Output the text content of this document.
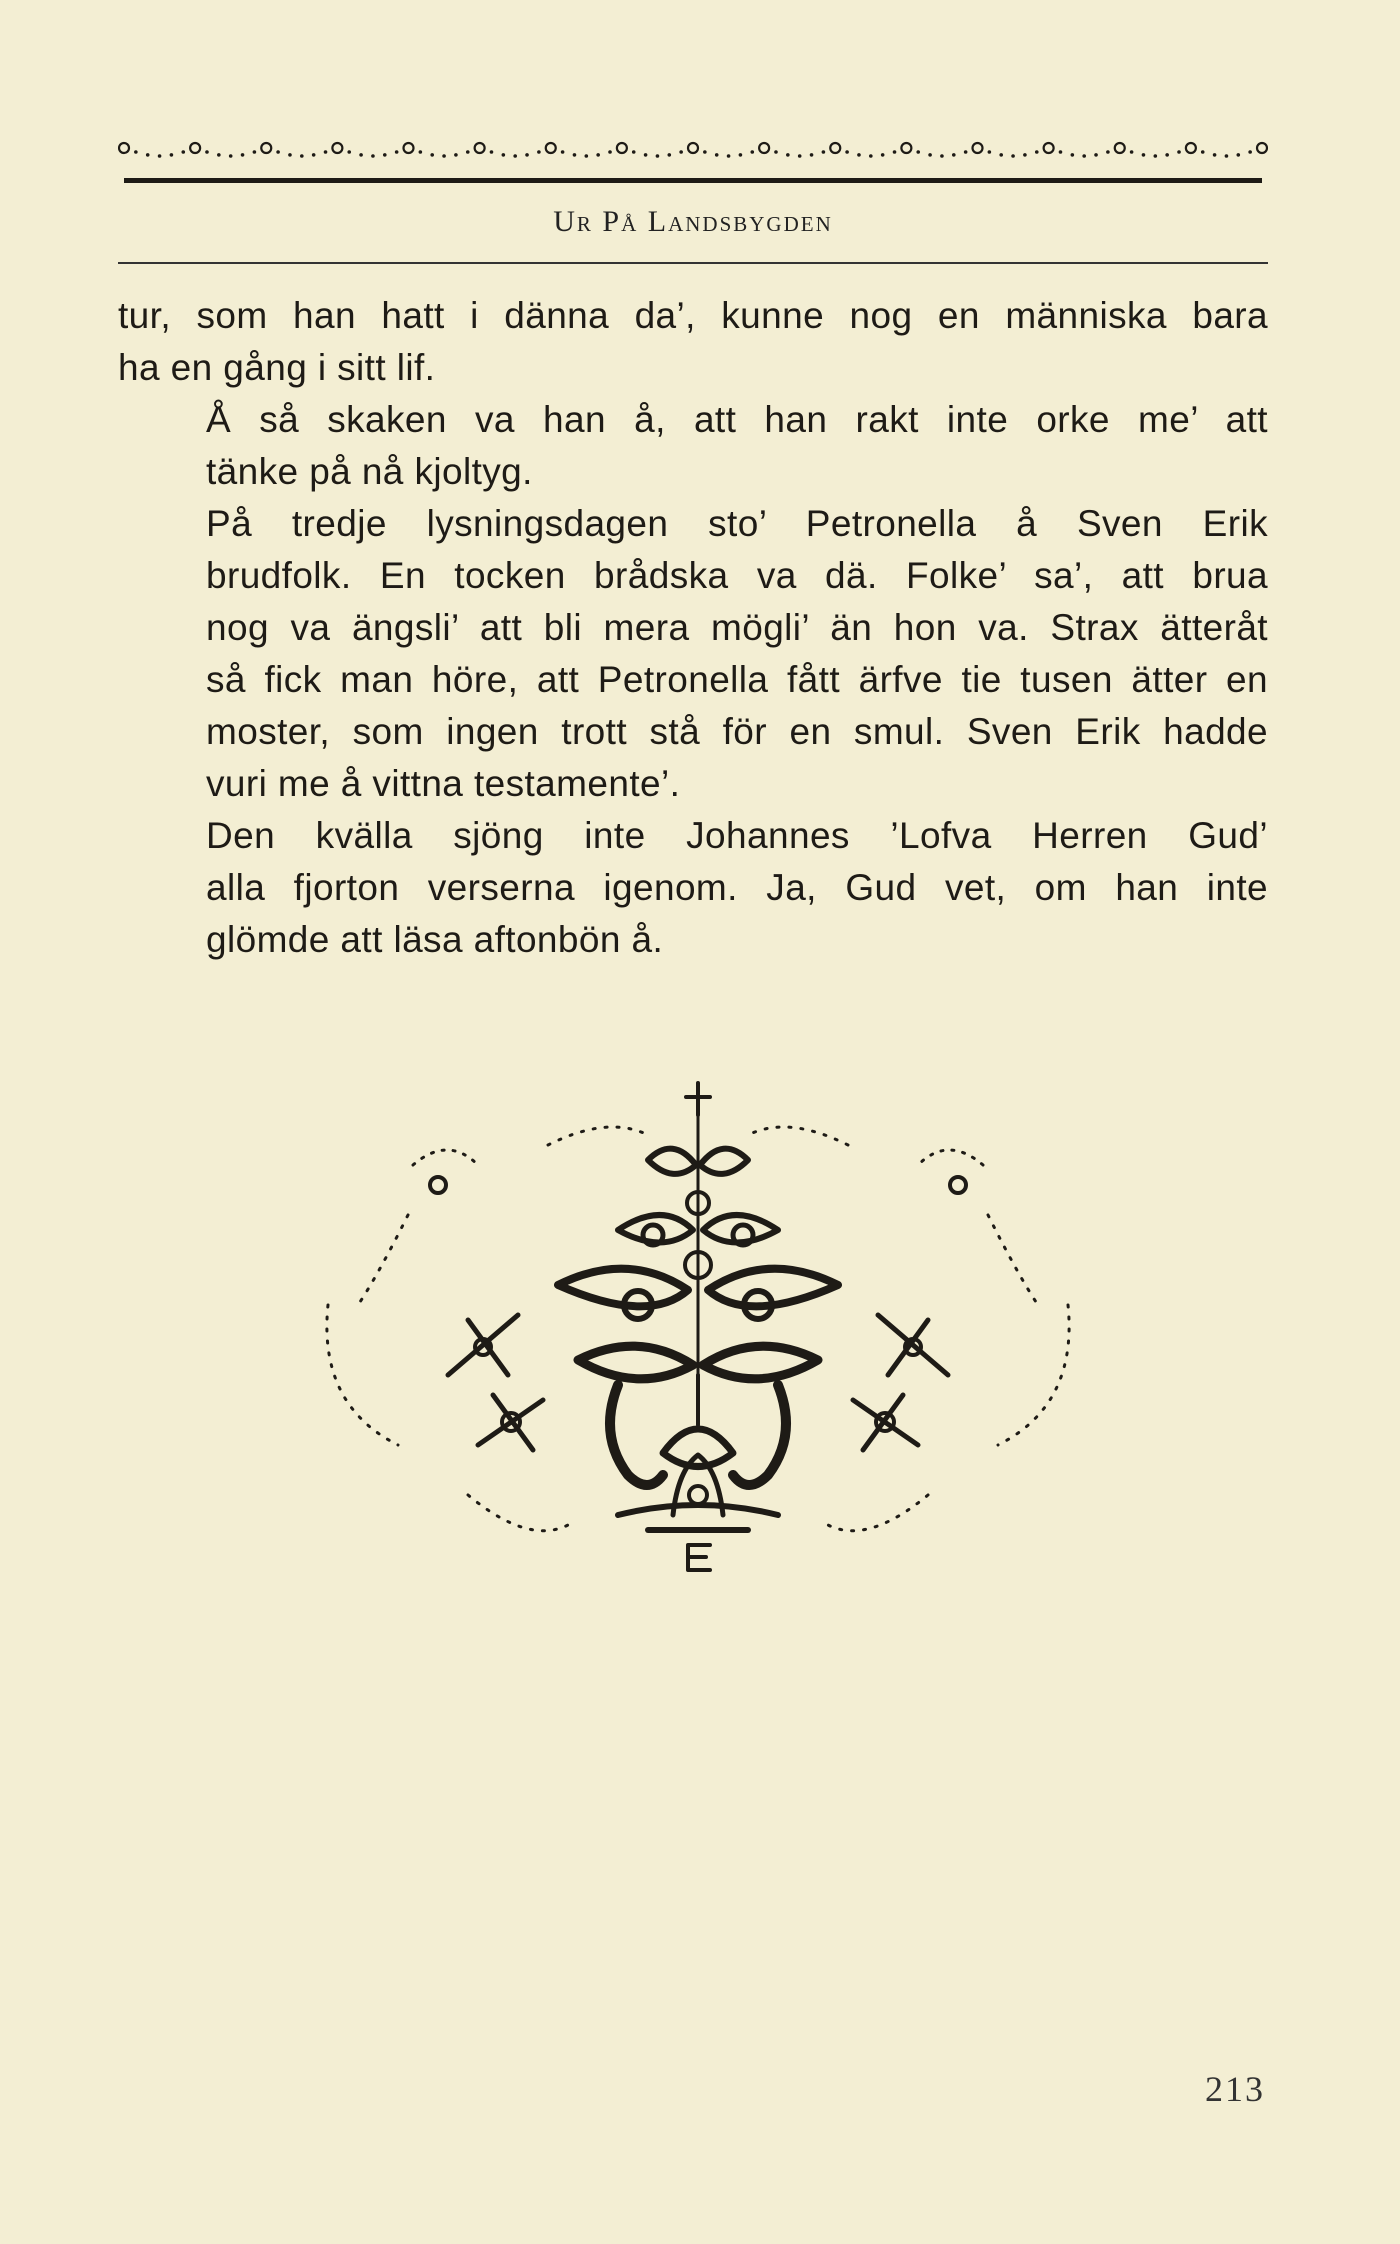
Ur På Landsbygden

tur, som han hatt i dänna da’, kunne nog en människa bara
ha en gång i sitt lif.

Å så skaken va han å, att han rakt inte orke me’ att
tänke på nå kjoltyg.

På tredje lysningsdagen sto’ Petronella å Sven Erik
brudfolk. En tocken brådska va dä. Folke’ sa’, att brua
nog va ängsli’ att bli mera mögli’ än hon va. Strax ätteråt
så fick man höre, att Petronella fått ärfve tie tusen ätter en
moster, som ingen trott stå för en smul. Sven Erik hadde
vuri me å vittna testamente’.

Den kvälla sjöng inte Johannes ’Lofva Herren Gud’
alla fjorton verserna igenom. Ja, Gud vet, om han inte
glömde att läsa aftonbön å.

213
